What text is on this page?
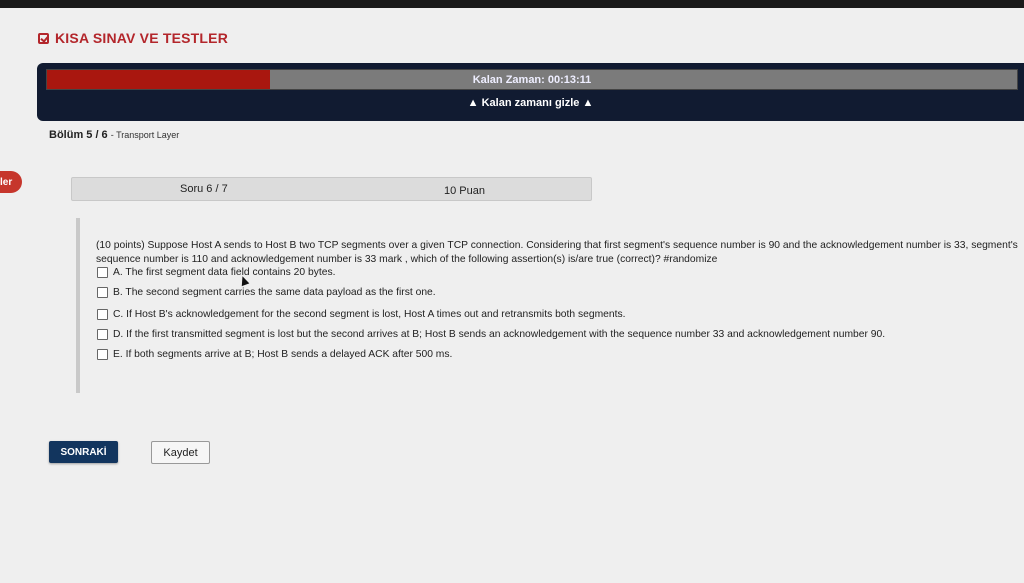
KISA SINAV VE TESTLER
Kalan Zaman: 00:13:11
▲ Kalan zamanı gizle ▲
Bölüm 5 / 6 - Transport Layer
ler
Soru 6 / 7	10 Puan
(10 points) Suppose Host A sends to Host B two TCP segments over a given TCP connection. Considering that first segment's sequence number is 90 and the acknowledgement number is 33, segment's sequence number is 110 and acknowledgement number is 33 mark , which of the following assertion(s) is/are true (correct)? #randomize
A. The first segment data field contains 20 bytes.
B. The second segment carries the same data payload as the first one.
C. If Host B's acknowledgement for the second segment is lost, Host A times out and retransmits both segments.
D. If the first transmitted segment is lost but the second arrives at B; Host B sends an acknowledgement with the sequence number 33 and acknowledgement number 90.
E. If both segments arrive at B; Host B sends a delayed ACK after 500 ms.
SONRAKİ	Kaydet
